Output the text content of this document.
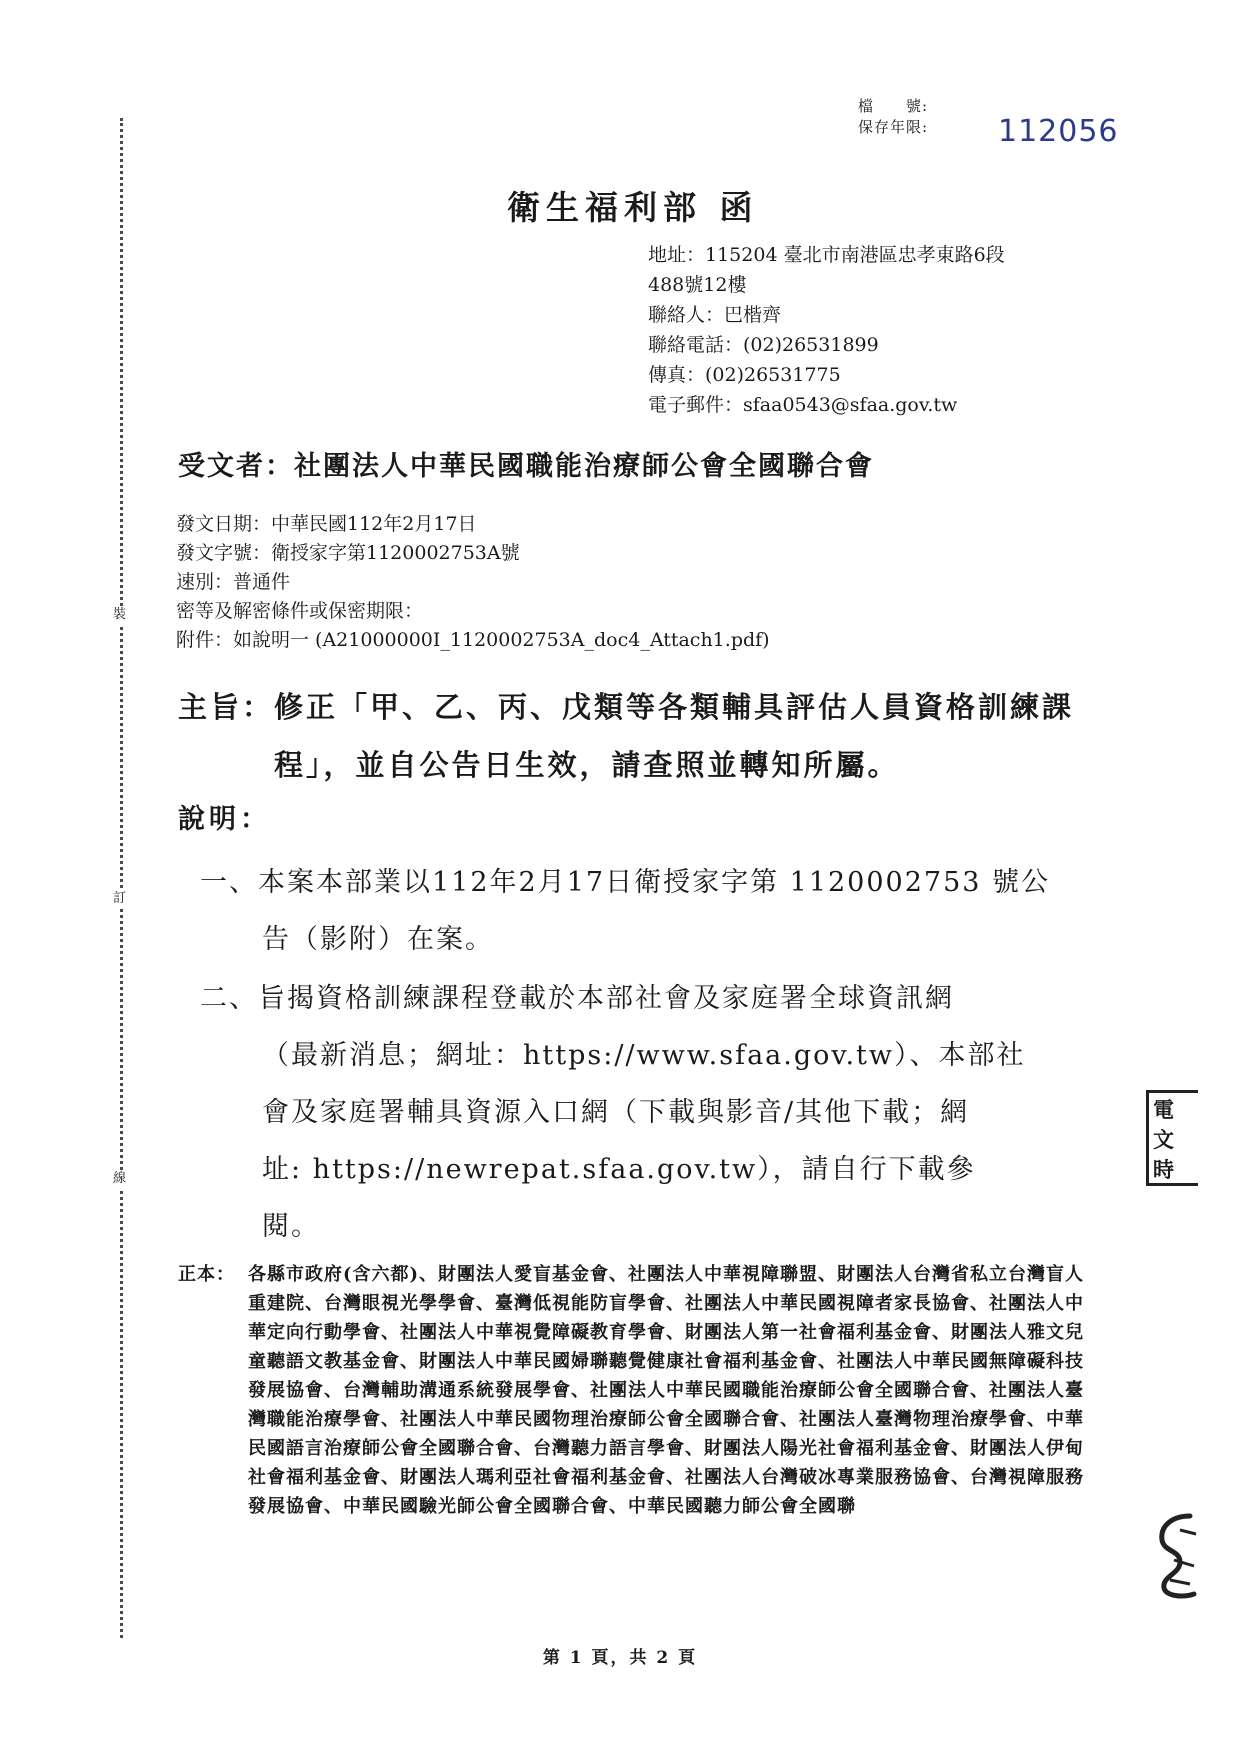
裝
訂
線
檔　　號:
保存年限: 112056
衛生福利部 函
地址：115204 臺北市南港區忠孝東路6段
488號12樓
聯絡人：巴楷齊
聯絡電話：(02)26531899
傳真：(02)26531775
電子郵件：sfaa0543@sfaa.gov.tw
受文者：社團法人中華民國職能治療師公會全國聯合會
發文日期：中華民國112年2月17日
發文字號：衛授家字第1120002753A號
速別：普通件
密等及解密條件或保密期限：
附件：如說明一 (A21000000I_1120002753A_doc4_Attach1.pdf)
主旨：修正「甲、乙、丙、戊類等各類輔具評估人員資格訓練課
程」，並自公告日生效，請查照並轉知所屬。
說明：
一、本案本部業以112年2月17日衛授家字第 1120002753 號公
告（影附）在案。
二、旨揭資格訓練課程登載於本部社會及家庭署全球資訊網
（最新消息；網址：https://www.sfaa.gov.tw）、本部社
會及家庭署輔具資源入口網（下載與影音/其他下載；網
址: https://newrepat.sfaa.gov.tw），請自行下載參
閱。
正本： 各縣市政府(含六都)、財團法人愛盲基金會、社團法人中華視障聯盟、財團法人台灣省私立台灣盲人重建院、台灣眼視光學學會、臺灣低視能防盲學會、社團法人中華民國視障者家長協會、社團法人中華定向行動學會、社團法人中華視覺障礙教育學會、財團法人第一社會福利基金會、財團法人雅文兒童聽語文教基金會、財團法人中華民國婦聯聽覺健康社會福利基金會、社團法人中華民國無障礙科技發展協會、台灣輔助溝通系統發展學會、社團法人中華民國職能治療師公會全國聯合會、社團法人臺灣職能治療學會、社團法人中華民國物理治療師公會全國聯合會、社團法人臺灣物理治療學會、中華民國語言治療師公會全國聯合會、台灣聽力語言學會、財團法人陽光社會福利基金會、財團法人伊甸社會福利基金會、財團法人瑪利亞社會福利基金會、社團法人台灣破冰專業服務協會、台灣視障服務發展協會、中華民國驗光師公會全國聯合會、中華民國聽力師公會全國聯
第 1 頁，共 2 頁
電
文
時
